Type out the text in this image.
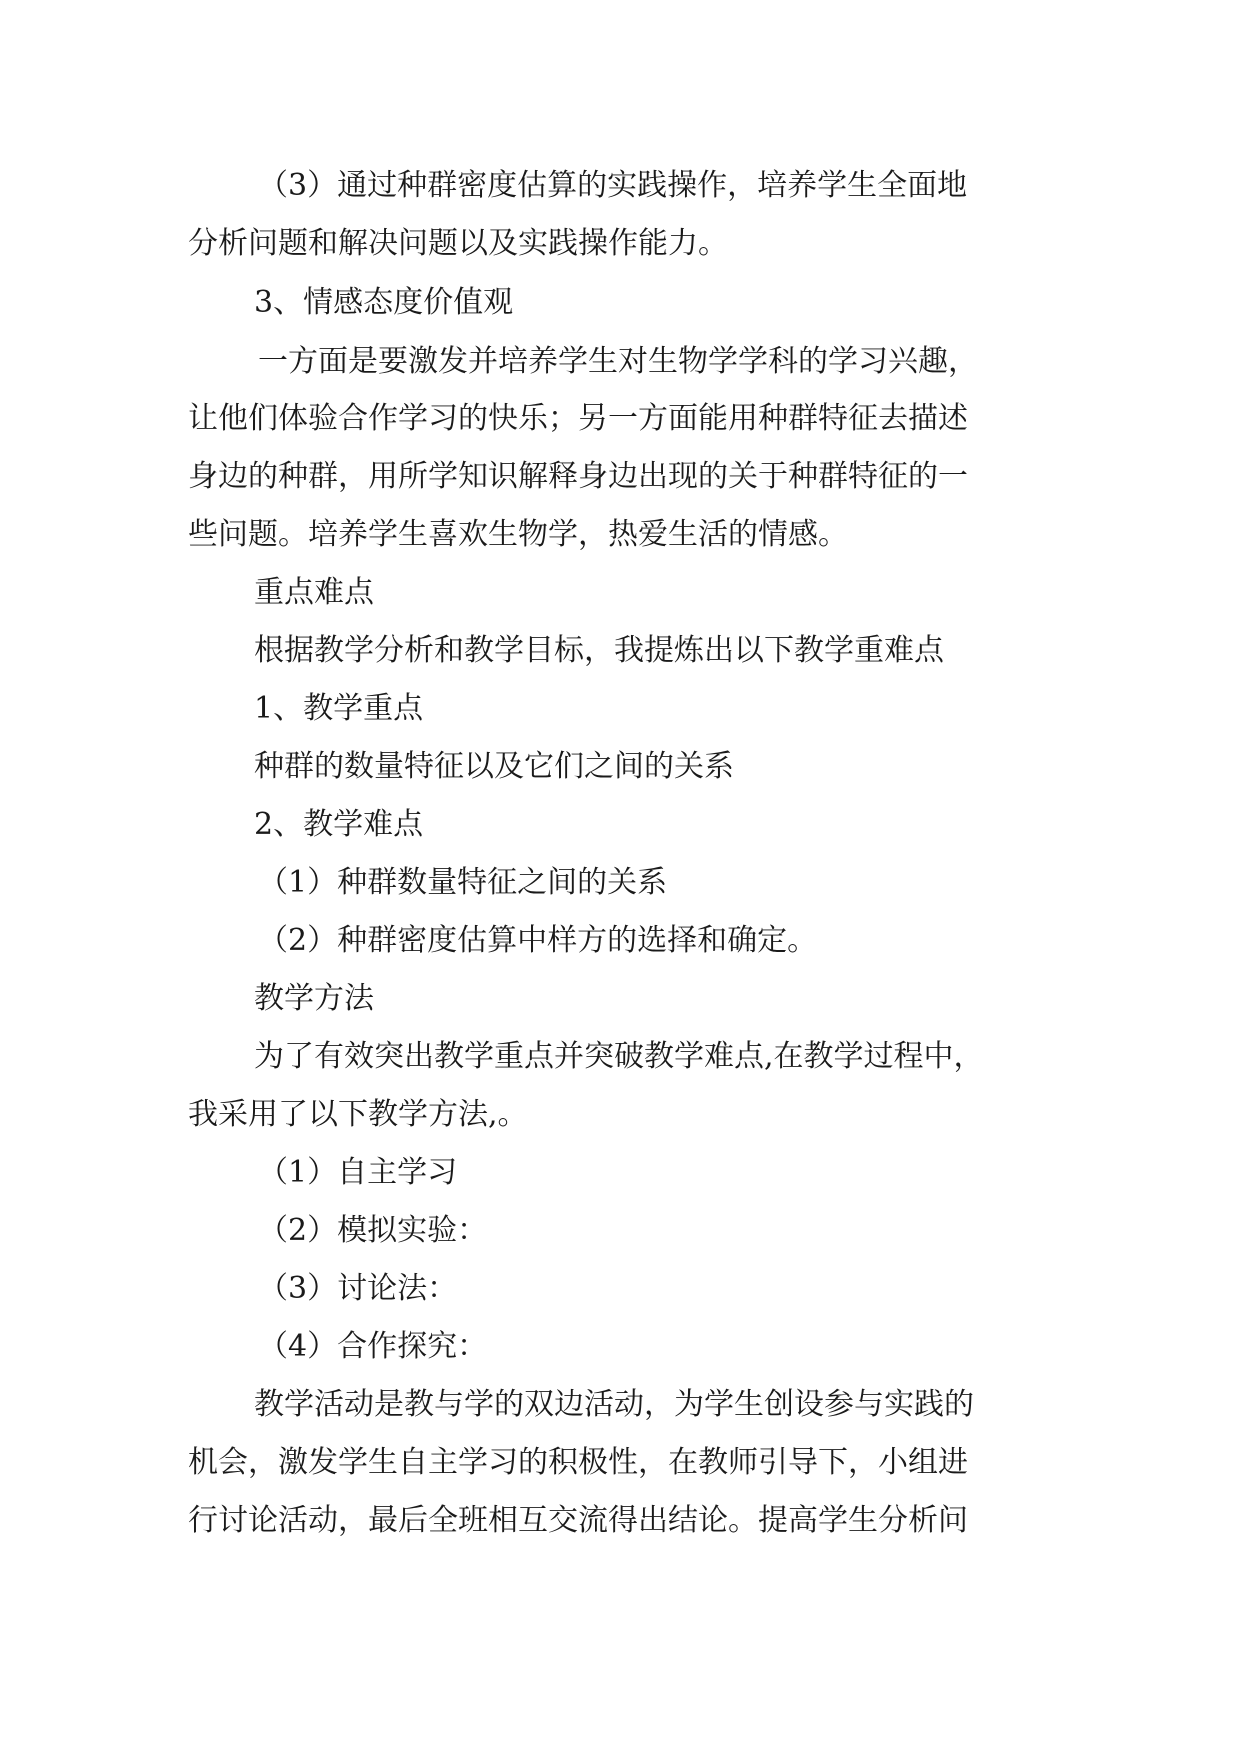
（3）通过种群密度估算的实践操作，培养学生全面地
分析问题和解决问题以及实践操作能力。
3、情感态度价值观
一方面是要激发并培养学生对生物学学科的学习兴趣，
让他们体验合作学习的快乐；另一方面能用种群特征去描述
身边的种群，用所学知识解释身边出现的关于种群特征的一
些问题。培养学生喜欢生物学，热爱生活的情感。
重点难点
根据教学分析和教学目标，我提炼出以下教学重难点
1、教学重点
种群的数量特征以及它们之间的关系
2、教学难点
（1）种群数量特征之间的关系
（2）种群密度估算中样方的选择和确定。
教学方法
为了有效突出教学重点并突破教学难点,在教学过程中，
我采用了以下教学方法,。
（1）自主学习
（2）模拟实验：
（3）讨论法：
（4）合作探究：
教学活动是教与学的双边活动，为学生创设参与实践的
机会，激发学生自主学习的积极性，在教师引导下，小组进
行讨论活动，最后全班相互交流得出结论。提高学生分析问
